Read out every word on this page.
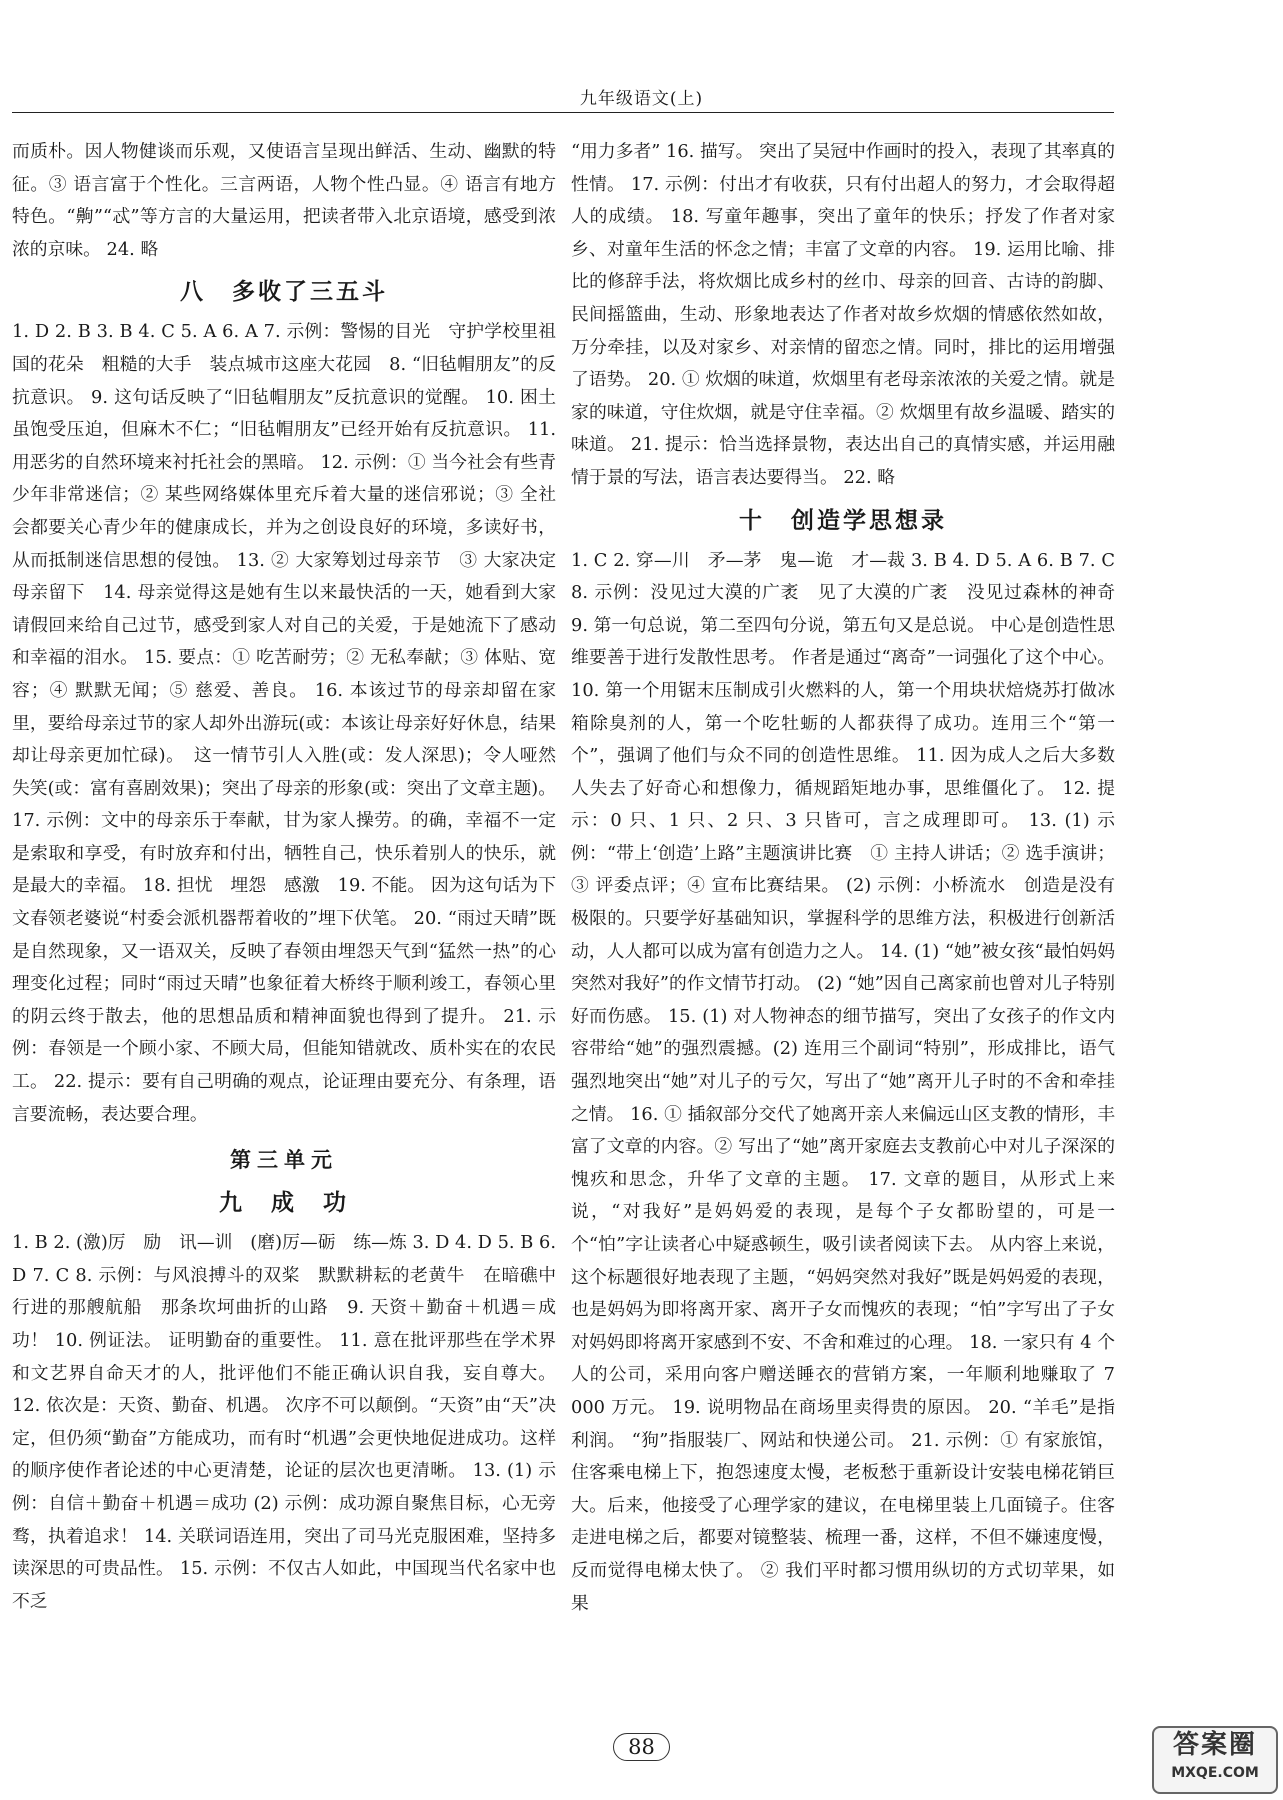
九年级语文(上)

而质朴。因人物健谈而乐观，又使语言呈现出鲜活、生动、幽默的特征。③ 语言富于个性化。三言两语，人物个性凸显。④ 语言有地方特色。“齁”“忒”等方言的大量运用，把读者带入北京语境，感受到浓浓的京味。 24. 略

八　多收了三五斗

1. D 2. B 3. B 4. C 5. A 6. A 7. 示例：警惕的目光　守护学校里祖国的花朵　粗糙的大手　装点城市这座大花园　8. “旧毡帽朋友”的反抗意识。 9. 这句话反映了“旧毡帽朋友”反抗意识的觉醒。 10. 困土虽饱受压迫，但麻木不仁；“旧毡帽朋友”已经开始有反抗意识。 11. 用恶劣的自然环境来衬托社会的黑暗。 12. 示例：① 当今社会有些青少年非常迷信；② 某些网络媒体里充斥着大量的迷信邪说；③ 全社会都要关心青少年的健康成长，并为之创设良好的环境，多读好书，从而抵制迷信思想的侵蚀。 13. ② 大家筹划过母亲节　③ 大家决定母亲留下　14. 母亲觉得这是她有生以来最快活的一天，她看到大家请假回来给自己过节，感受到家人对自己的关爱，于是她流下了感动和幸福的泪水。 15. 要点：① 吃苦耐劳；② 无私奉献；③ 体贴、宽容；④ 默默无闻；⑤ 慈爱、善良。 16. 本该过节的母亲却留在家里，要给母亲过节的家人却外出游玩(或：本该让母亲好好休息，结果却让母亲更加忙碌)。　这一情节引人入胜(或：发人深思)；令人哑然失笑(或：富有喜剧效果)；突出了母亲的形象(或：突出了文章主题)。 17. 示例：文中的母亲乐于奉献，甘为家人操劳。的确，幸福不一定是索取和享受，有时放弃和付出，牺牲自己，快乐着别人的快乐，就是最大的幸福。 18. 担忧　埋怨　感激　19. 不能。 因为这句话为下文春领老婆说“村委会派机器帮着收的”埋下伏笔。 20. “雨过天晴”既是自然现象，又一语双关，反映了春领由埋怨天气到“猛然一热”的心理变化过程；同时“雨过天晴”也象征着大桥终于顺利竣工，春领心里的阴云终于散去，他的思想品质和精神面貌也得到了提升。 21. 示例：春领是一个顾小家、不顾大局，但能知错就改、质朴实在的农民工。 22. 提示：要有自己明确的观点，论证理由要充分、有条理，语言要流畅，表达要合理。

第三单元
九　成　功

1. B 2. (激)厉　励　讯—训　(磨)厉—砺　练—炼 3. D 4. D 5. B 6. D 7. C 8. 示例：与风浪搏斗的双桨　默默耕耘的老黄牛　在暗礁中行进的那艘航船　那条坎坷曲折的山路　9. 天资＋勤奋＋机遇＝成功！ 10. 例证法。 证明勤奋的重要性。 11. 意在批评那些在学术界和文艺界自命天才的人，批评他们不能正确认识自我，妄自尊大。 12. 依次是：天资、勤奋、机遇。 次序不可以颠倒。“天资”由“天”决定，但仍须“勤奋”方能成功，而有时“机遇”会更快地促进成功。这样的顺序使作者论述的中心更清楚，论证的层次也更清晰。 13. (1) 示例：自信＋勤奋＋机遇＝成功 (2) 示例：成功源自聚焦目标，心无旁骛，执着追求！ 14. 关联词语连用，突出了司马光克服困难，坚持多读深思的可贵品性。 15. 示例：不仅古人如此，中国现当代名家中也不乏

“用力多者” 16. 描写。 突出了吴冠中作画时的投入，表现了其率真的性情。 17. 示例：付出才有收获，只有付出超人的努力，才会取得超人的成绩。 18. 写童年趣事，突出了童年的快乐；抒发了作者对家乡、对童年生活的怀念之情；丰富了文章的内容。 19. 运用比喻、排比的修辞手法，将炊烟比成乡村的丝巾、母亲的回音、古诗的韵脚、民间摇篮曲，生动、形象地表达了作者对故乡炊烟的情感依然如故，万分牵挂，以及对家乡、对亲情的留恋之情。同时，排比的运用增强了语势。 20. ① 炊烟的味道，炊烟里有老母亲浓浓的关爱之情。就是家的味道，守住炊烟，就是守住幸福。② 炊烟里有故乡温暖、踏实的味道。 21. 提示：恰当选择景物，表达出自己的真情实感，并运用融情于景的写法，语言表达要得当。 22. 略

十　创造学思想录

1. C 2. 穿—川　矛—茅　鬼—诡　才—裁 3. B 4. D 5. A 6. B 7. C 8. 示例：没见过大漠的广袤　见了大漠的广袤　没见过森林的神奇　9. 第一句总说，第二至四句分说，第五句又是总说。 中心是创造性思维要善于进行发散性思考。 作者是通过“离奇”一词强化了这个中心。 10. 第一个用锯末压制成引火燃料的人，第一个用块状焙烧苏打做冰箱除臭剂的人，第一个吃牡蛎的人都获得了成功。连用三个“第一个”，强调了他们与众不同的创造性思维。 11. 因为成人之后大多数人失去了好奇心和想像力，循规蹈矩地办事，思维僵化了。 12. 提示：0 只、1 只、2 只、3 只皆可，言之成理即可。 13. (1) 示例：“带上‘创造’上路”主题演讲比赛　① 主持人讲话；② 选手演讲；③ 评委点评；④ 宣布比赛结果。 (2) 示例：小桥流水　创造是没有极限的。只要学好基础知识，掌握科学的思维方法，积极进行创新活动，人人都可以成为富有创造力之人。 14. (1) “她”被女孩“最怕妈妈突然对我好”的作文情节打动。 (2) “她”因自己离家前也曾对儿子特别好而伤感。 15. (1) 对人物神态的细节描写，突出了女孩子的作文内容带给“她”的强烈震撼。(2) 连用三个副词“特别”，形成排比，语气强烈地突出“她”对儿子的亏欠，写出了“她”离开儿子时的不舍和牵挂之情。 16. ① 插叙部分交代了她离开亲人来偏远山区支教的情形，丰富了文章的内容。② 写出了“她”离开家庭去支教前心中对儿子深深的愧疚和思念，升华了文章的主题。 17. 文章的题目，从形式上来说，“对我好”是妈妈爱的表现，是每个子女都盼望的，可是一个“怕”字让读者心中疑惑顿生，吸引读者阅读下去。 从内容上来说，这个标题很好地表现了主题，“妈妈突然对我好”既是妈妈爱的表现，也是妈妈为即将离开家、离开子女而愧疚的表现；“怕”字写出了子女对妈妈即将离开家感到不安、不舍和难过的心理。 18. 一家只有 4 个人的公司，采用向客户赠送睡衣的营销方案，一年顺利地赚取了 7 000 万元。 19. 说明物品在商场里卖得贵的原因。 20. “羊毛”是指利润。 “狗”指服装厂、网站和快递公司。 21. 示例：① 有家旅馆，住客乘电梯上下，抱怨速度太慢，老板愁于重新设计安装电梯花销巨大。后来，他接受了心理学家的建议，在电梯里装上几面镜子。住客走进电梯之后，都要对镜整装、梳理一番，这样，不但不嫌速度慢，反而觉得电梯太快了。 ② 我们平时都习惯用纵切的方式切苹果，如果

88	答案圈
MXQE.COM
